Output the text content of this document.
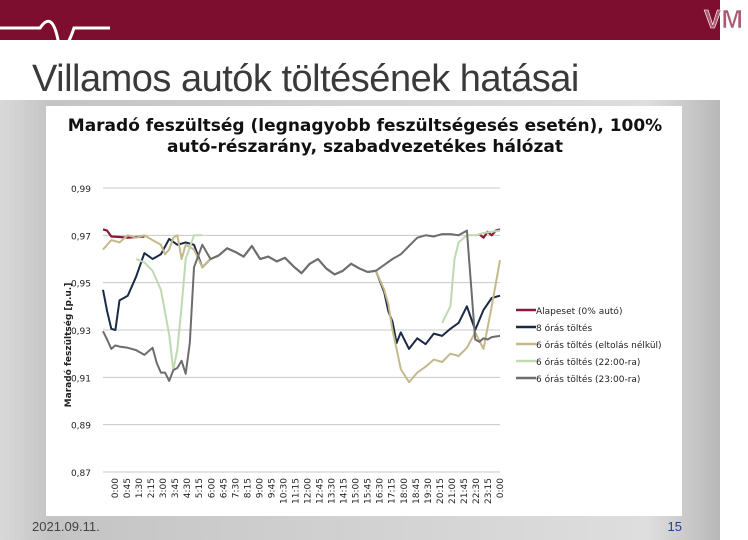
VM
Villamos autók töltésének hatásai
Maradó feszültség (legnagyobb feszültségesés esetén), 100% autó-részarány, szabadvezetékes hálózat
0,99
0,97
0,95
0,93
0,91
0,89
0,87
Maradó feszültség [p.u.]
0:00 0:45 1:30 2:15 3:00 3:45 4:30 5:15 6:00 6:45 7:30 8:15 9:00 9:45 10:30 11:15 12:00 12:45 13:30 14:15 15:00 15:45 16:30 17:15 18:00 18:45 19:30 20:15 21:00 21:45 22:30 23:15 0:00
Alapeset (0% autó)
8 órás töltés
6 órás töltés (eltolás nélkül)
6 órás töltés (22:00-ra)
6 órás töltés (23:00-ra)
2021.09.11.	15
